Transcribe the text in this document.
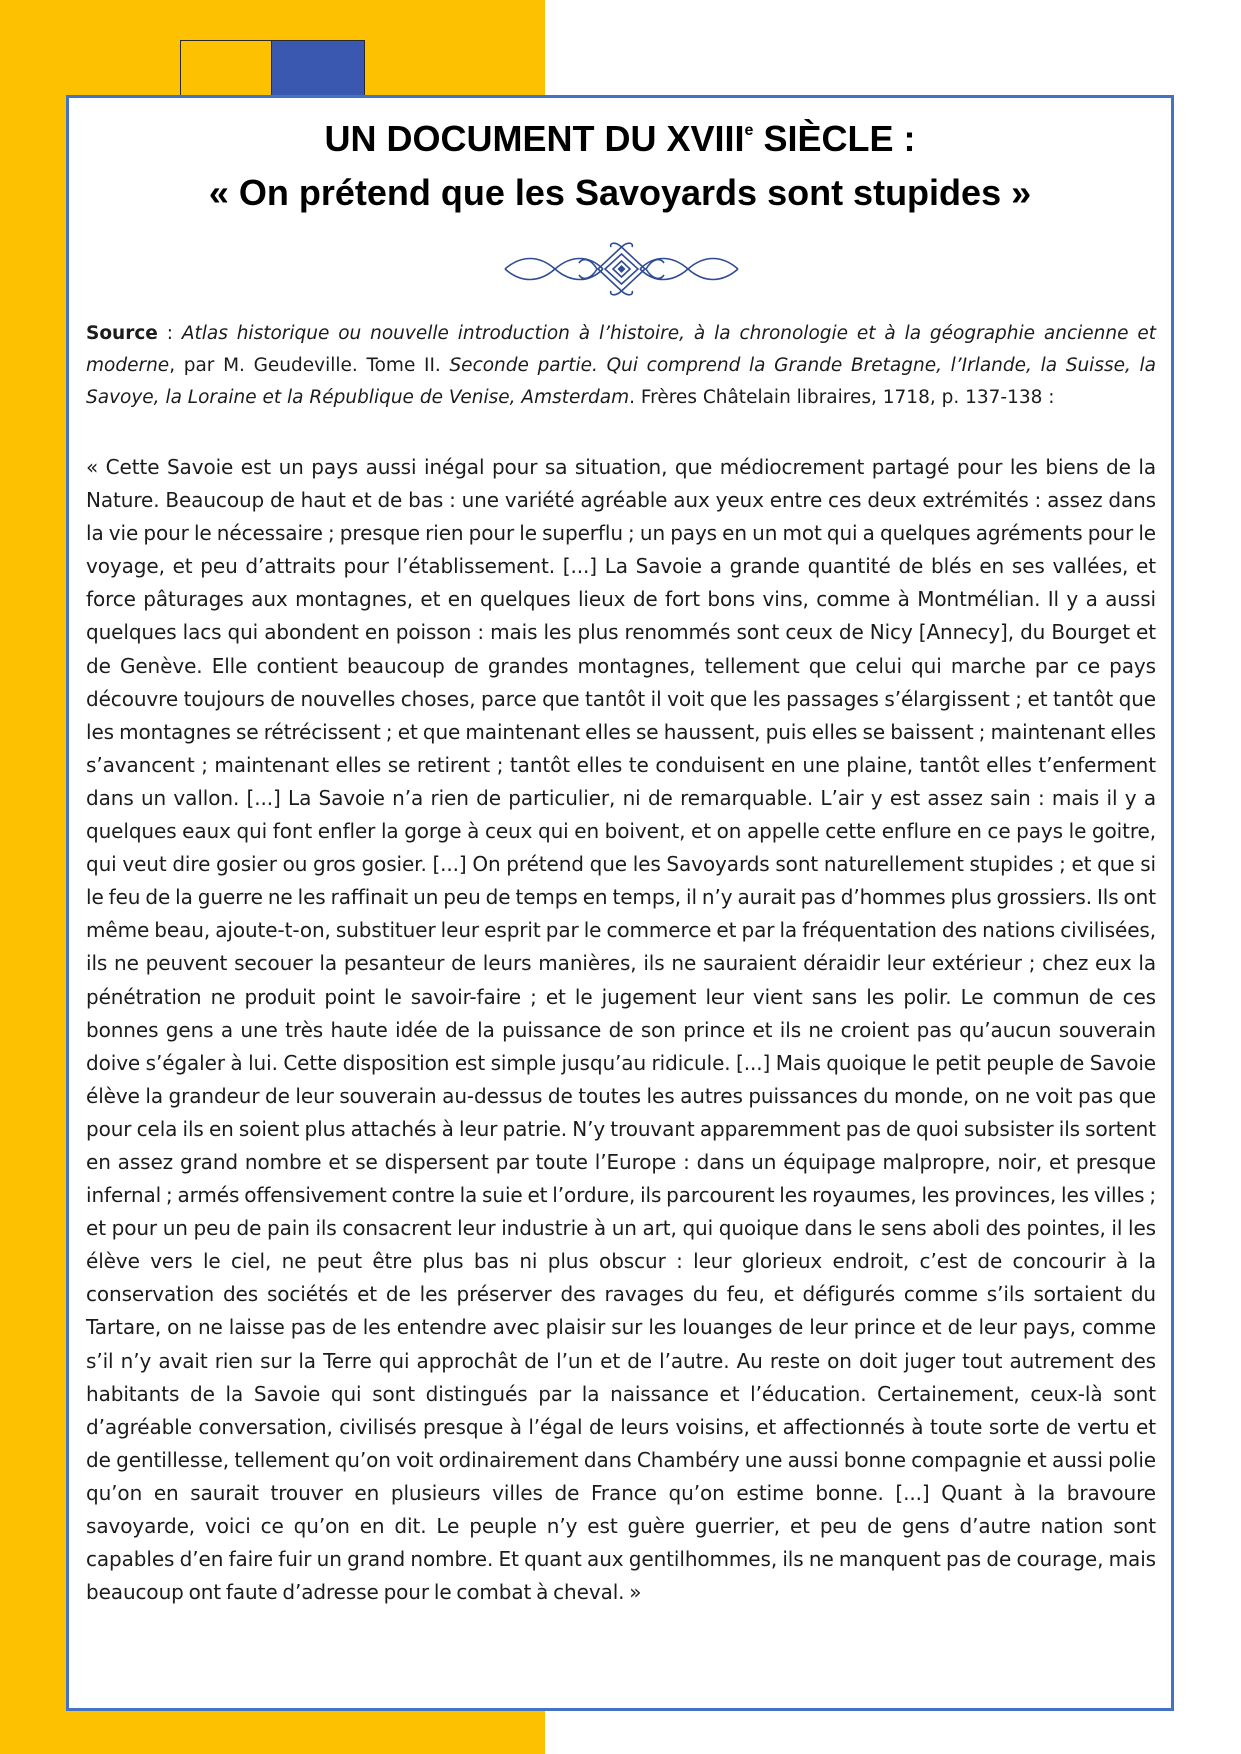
UN DOCUMENT DU XVIIIe SIÈCLE :
« On prétend que les Savoyards sont stupides »
Source : Atlas historique ou nouvelle introduction à l’histoire, à la chronologie et à la géographie ancienne et moderne, par M. Geudeville. Tome II. Seconde partie. Qui comprend la Grande Bretagne, l’Irlande, la Suisse, la Savoye, la Loraine et la République de Venise, Amsterdam. Frères Châtelain libraires, 1718, p. 137-138 :

« Cette Savoie est un pays aussi inégal pour sa situation, que médiocrement partagé pour les biens de la Nature. Beaucoup de haut et de bas : une variété agréable aux yeux entre ces deux extrémités : assez dans la vie pour le nécessaire ; presque rien pour le superflu ; un pays en un mot qui a quelques agréments pour le voyage, et peu d’attraits pour l’établissement. [...] La Savoie a grande quantité de blés en ses vallées, et force pâturages aux montagnes, et en quelques lieux de fort bons vins, comme à Montmélian. Il y a aussi quelques lacs qui abondent en poisson : mais les plus renommés sont ceux de Nicy [Annecy], du Bourget et de Genève. Elle contient beaucoup de grandes montagnes, tellement que celui qui marche par ce pays découvre toujours de nouvelles choses, parce que tantôt il voit que les passages s’élargissent ; et tantôt que les montagnes se rétrécissent ; et que maintenant elles se haussent, puis elles se baissent ; maintenant elles s’avancent ; maintenant elles se retirent ; tantôt elles te conduisent en une plaine, tantôt elles t’enferment dans un vallon. [...] La Savoie n’a rien de particulier, ni de remarquable. L’air y est assez sain : mais il y a quelques eaux qui font enfler la gorge à ceux qui en boivent, et on appelle cette enflure en ce pays le goitre, qui veut dire gosier ou gros gosier. [...] On prétend que les Savoyards sont naturellement stupides ; et que si le feu de la guerre ne les raffinait un peu de temps en temps, il n’y aurait pas d’hommes plus grossiers. Ils ont même beau, ajoute-t-on, substituer leur esprit par le commerce et par la fréquentation des nations civilisées, ils ne peuvent secouer la pesanteur de leurs manières, ils ne sauraient déraidir leur extérieur ; chez eux la pénétration ne produit point le savoir-faire ; et le jugement leur vient sans les polir. Le commun de ces bonnes gens a une très haute idée de la puissance de son prince et ils ne croient pas qu’aucun souverain doive s’égaler à lui. Cette disposition est simple jusqu’au ridicule. [...] Mais quoique le petit peuple de Savoie élève la grandeur de leur souverain au-dessus de toutes les autres puissances du monde, on ne voit pas que pour cela ils en soient plus attachés à leur patrie. N’y trouvant apparemment pas de quoi subsister ils sortent en assez grand nombre et se dispersent par toute l’Europe : dans un équipage malpropre, noir, et presque infernal ; armés offensivement contre la suie et l’ordure, ils parcourent les royaumes, les provinces, les villes ; et pour un peu de pain ils consacrent leur industrie à un art, qui quoique dans le sens aboli des pointes, il les élève vers le ciel, ne peut être plus bas ni plus obscur : leur glorieux endroit, c’est de concourir à la conservation des sociétés et de les préserver des ravages du feu, et défigurés comme s’ils sortaient du Tartare, on ne laisse pas de les entendre avec plaisir sur les louanges de leur prince et de leur pays, comme s’il n’y avait rien sur la Terre qui approchât de l’un et de l’autre. Au reste on doit juger tout autrement des habitants de la Savoie qui sont distingués par la naissance et l’éducation. Certainement, ceux-là sont d’agréable conversation, civilisés presque à l’égal de leurs voisins, et affectionnés à toute sorte de vertu et de gentillesse, tellement qu’on voit ordinairement dans Chambéry une aussi bonne compagnie et aussi polie qu’on en saurait trouver en plusieurs villes de France qu’on estime bonne. [...] Quant à la bravoure savoyarde, voici ce qu’on en dit. Le peuple n’y est guère guerrier, et peu de gens d’autre nation sont capables d’en faire fuir un grand nombre. Et quant aux gentilhommes, ils ne manquent pas de courage, mais beaucoup ont faute d’adresse pour le combat à cheval. »
